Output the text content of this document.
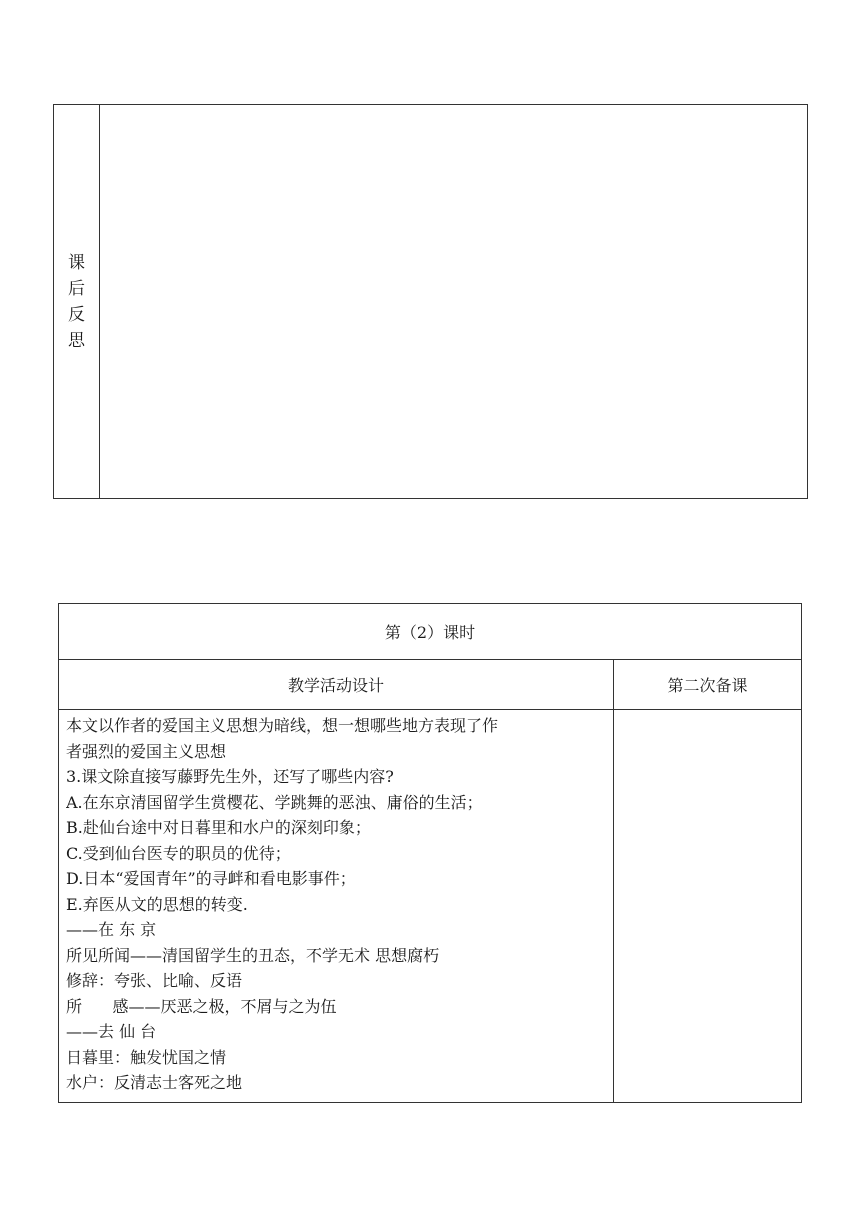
课
后
反
思
第（2）课时
教学活动设计	第二次备课
本文以作者的爱国主义思想为暗线，想一想哪些地方表现了作
者强烈的爱国主义思想
3.课文除直接写藤野先生外，还写了哪些内容?
A.在东京清国留学生赏樱花、学跳舞的恶浊、庸俗的生活；
B.赴仙台途中对日暮里和水户的深刻印象；
C.受到仙台医专的职员的优待；
D.日本“爱国青年”的寻衅和看电影事件；
E.弃医从文的思想的转变.
——在 东 京
所见所闻——清国留学生的丑态，不学无术 思想腐朽
修辞：夸张、比喻、反语
所      感——厌恶之极，不屑与之为伍
——去 仙 台
日暮里：触发忧国之情
水户：反清志士客死之地
